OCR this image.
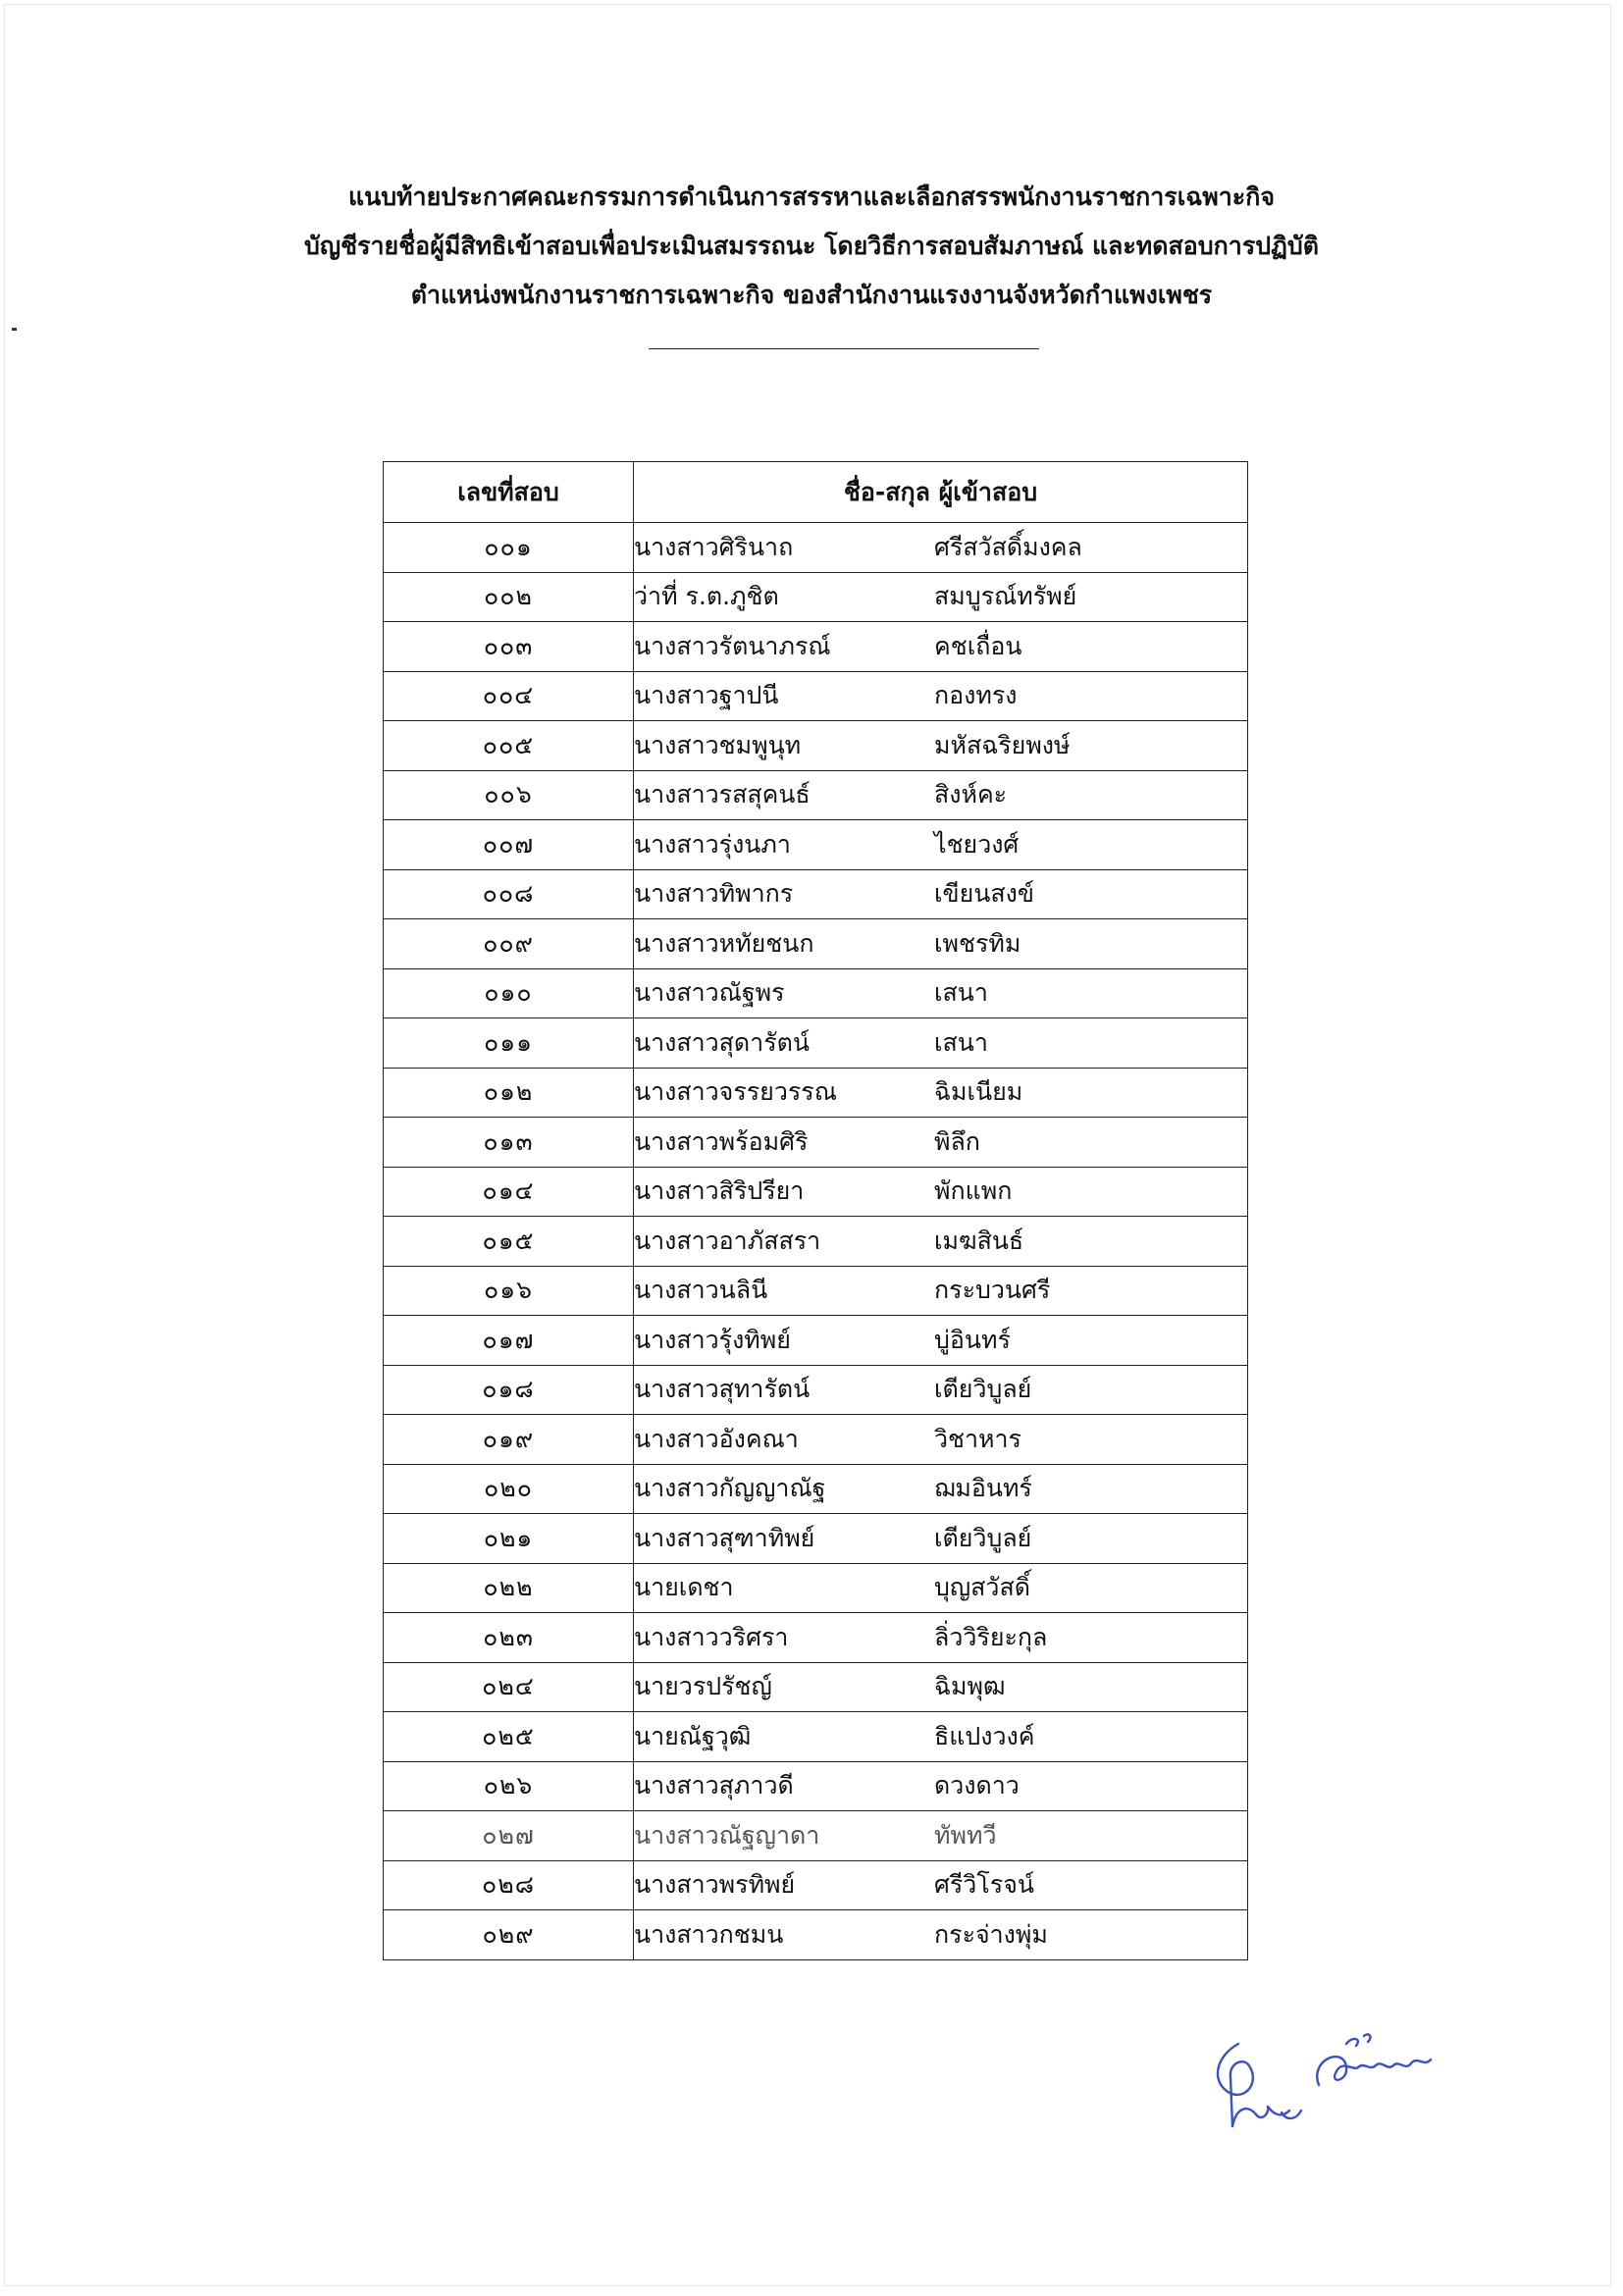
แนบท้ายประกาศคณะกรรมการดำเนินการสรรหาและเลือกสรรพนักงานราชการเฉพาะกิจ
บัญชีรายชื่อผู้มีสิทธิเข้าสอบเพื่อประเมินสมรรถนะ โดยวิธีการสอบสัมภาษณ์ และทดสอบการปฏิบัติ
ตำแหน่งพนักงานราชการเฉพาะกิจ ของสำนักงานแรงงานจังหวัดกำแพงเพชร
เลขที่สอบ	ชื่อ-สกุล ผู้เข้าสอบ
๐๐๑	นางสาวศิรินาถ ศรีสวัสดิ์มงคล
๐๐๒	ว่าที่ ร.ต.ภูชิต สมบูรณ์ทรัพย์
๐๐๓	นางสาวรัตนาภรณ์ คชเถื่อน
๐๐๔	นางสาวฐาปนี กองทรง
๐๐๕	นางสาวชมพูนุท มหัสฉริยพงษ์
๐๐๖	นางสาวรสสุคนธ์ สิงห์คะ
๐๐๗	นางสาวรุ่งนภา ไชยวงศ์
๐๐๘	นางสาวทิพากร เขียนสงข์
๐๐๙	นางสาวหทัยชนก เพชรทิม
๐๑๐	นางสาวณัฐพร เสนา
๐๑๑	นางสาวสุดารัตน์ เสนา
๐๑๒	นางสาวจรรยวรรณ ฉิมเนียม
๐๑๓	นางสาวพร้อมศิริ พิลึก
๐๑๔	นางสาวสิริปรียา พักแพก
๐๑๕	นางสาวอาภัสสรา เมฆสินธ์
๐๑๖	นางสาวนลินี กระบวนศรี
๐๑๗	นางสาวรุ้งทิพย์ บู่อินทร์
๐๑๘	นางสาวสุทารัตน์ เตียวิบูลย์
๐๑๙	นางสาวอังคณา วิชาหาร
๐๒๐	นางสาวกัญญาณัฐ ฌมอินทร์
๐๒๑	นางสาวสุฑาทิพย์ เตียวิบูลย์
๐๒๒	นายเดชา บุญสวัสดิ์
๐๒๓	นางสาววริศรา ลิ่ววิริยะกุล
๐๒๔	นายวรปรัชญ์ ฉิมพุฒ
๐๒๕	นายณัฐวุฒิ ธิแปงวงค์
๐๒๖	นางสาวสุภาวดี ดวงดาว
๐๒๗	นางสาวณัฐญาดา ทัพทวี
๐๒๘	นางสาวพรทิพย์ ศรีวิโรจน์
๐๒๙	นางสาวกชมน กระจ่างพุ่ม
